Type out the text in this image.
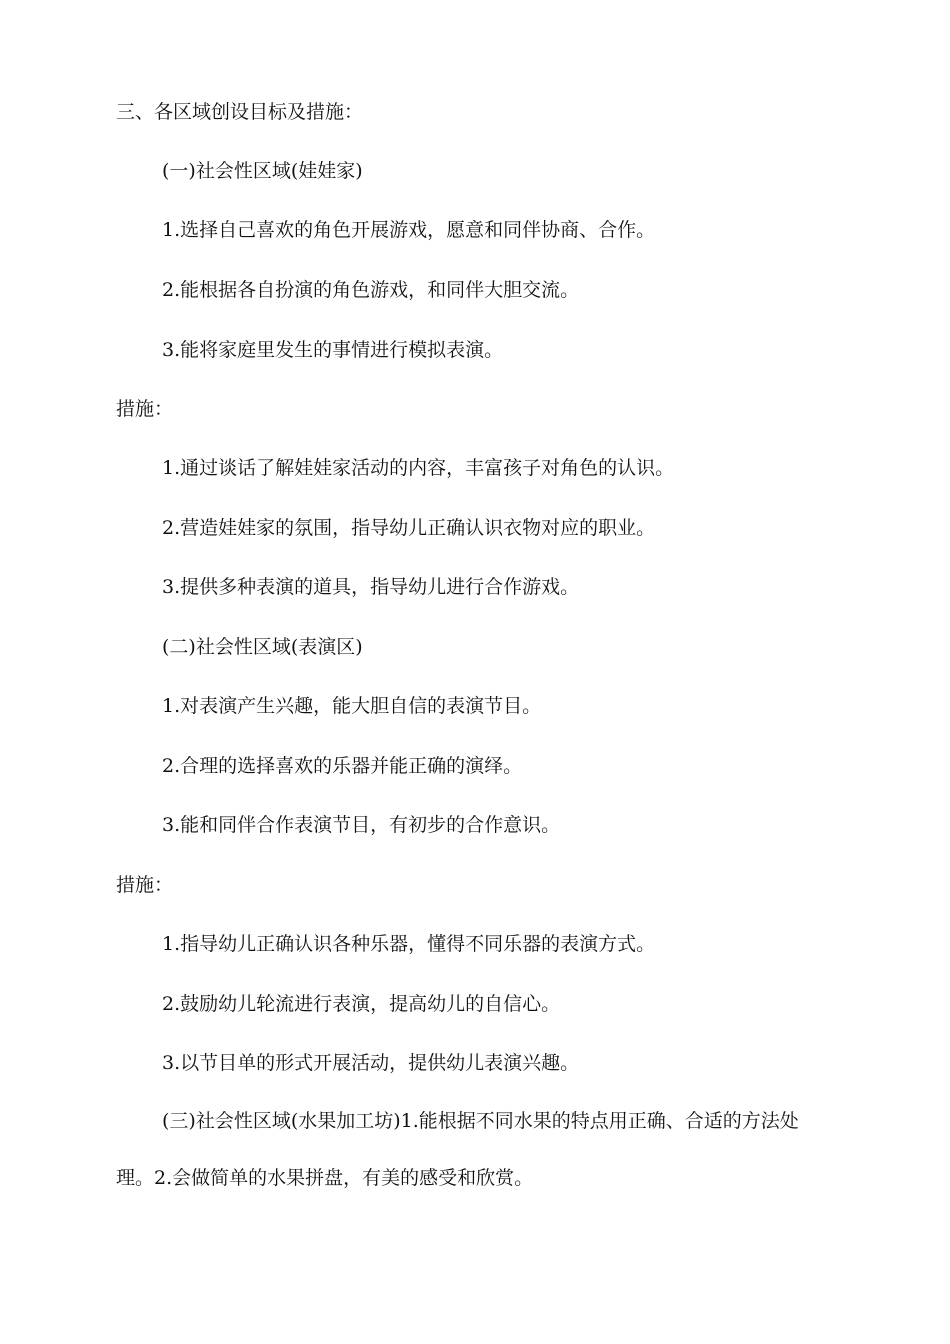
三、各区域创设目标及措施：
(一)社会性区域(娃娃家)
1.选择自己喜欢的角色开展游戏，愿意和同伴协商、合作。
2.能根据各自扮演的角色游戏，和同伴大胆交流。
3.能将家庭里发生的事情进行模拟表演。
措施：
1.通过谈话了解娃娃家活动的内容，丰富孩子对角色的认识。
2.营造娃娃家的氛围，指导幼儿正确认识衣物对应的职业。
3.提供多种表演的道具，指导幼儿进行合作游戏。
(二)社会性区域(表演区)
1.对表演产生兴趣，能大胆自信的表演节目。
2.合理的选择喜欢的乐器并能正确的演绎。
3.能和同伴合作表演节目，有初步的合作意识。
措施：
1.指导幼儿正确认识各种乐器，懂得不同乐器的表演方式。
2.鼓励幼儿轮流进行表演，提高幼儿的自信心。
3.以节目单的形式开展活动，提供幼儿表演兴趣。
(三)社会性区域(水果加工坊)1.能根据不同水果的特点用正确、合适的方法处理。2.会做简单的水果拼盘，有美的感受和欣赏。
